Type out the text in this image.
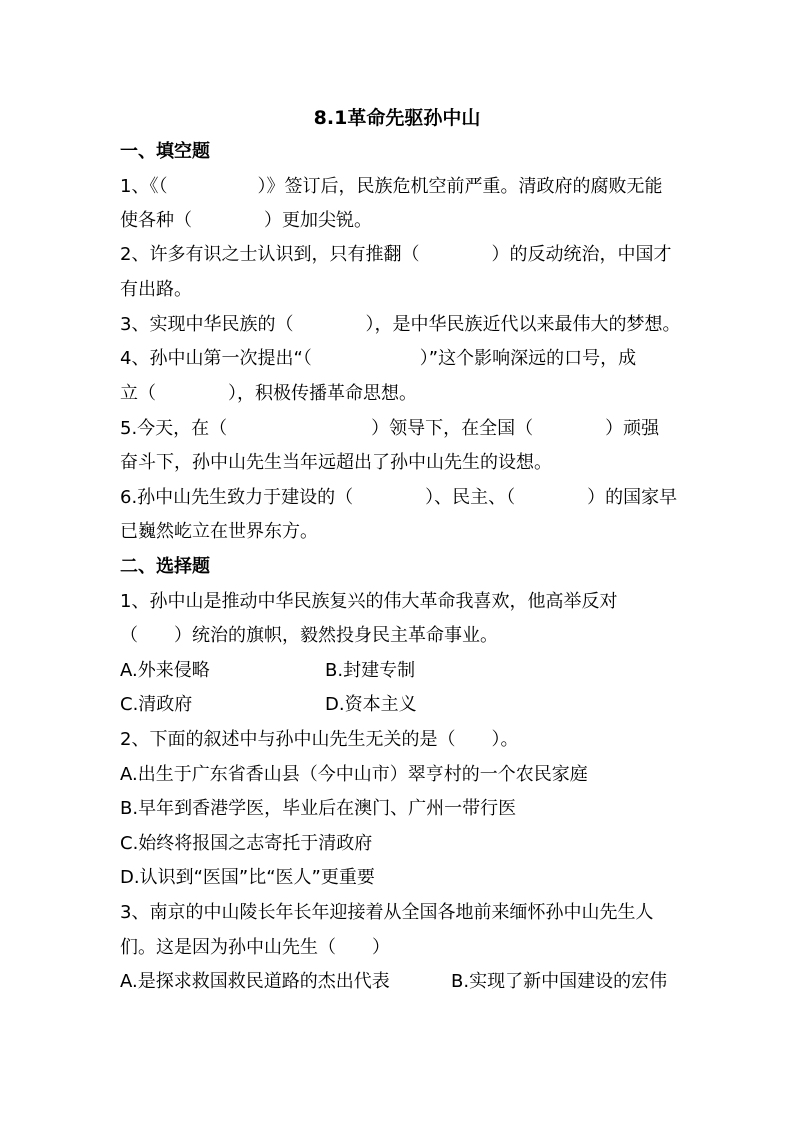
8.1革命先驱孙中山
一、填空题
1、《（　　　　　）》签订后，民族危机空前严重。清政府的腐败无能
使各种（　　　　）更加尖锐。
2、许多有识之士认识到，只有推翻（　　　　）的反动统治，中国才
有出路。
3、实现中华民族的（　　　　），是中华民族近代以来最伟大的梦想。
4、孙中山第一次提出“（　　　　　　）”这个影响深远的口号，成
立（　　　　），积极传播革命思想。
5.今天，在（　　　　　　　　）领导下，在全国（　　　　）顽强
奋斗下，孙中山先生当年远超出了孙中山先生的设想。
6.孙中山先生致力于建设的（　　　　）、民主、（　　　　）的国家早
已巍然屹立在世界东方。
二、选择题
1、孙中山是推动中华民族复兴的伟大革命我喜欢，他高举反对
（　　）统治的旗帜，毅然投身民主革命事业。
A.外来侵略	B.封建专制
C.清政府	D.资本主义
2、下面的叙述中与孙中山先生无关的是（　　）。
A.出生于广东省香山县（今中山市）翠亨村的一个农民家庭
B.早年到香港学医，毕业后在澳门、广州一带行医
C.始终将报国之志寄托于清政府
D.认识到“医国”比“医人”更重要
3、南京的中山陵长年长年迎接着从全国各地前来缅怀孙中山先生人
们。这是因为孙中山先生（　　）
A.是探求救国救民道路的杰出代表	B.实现了新中国建设的宏伟
